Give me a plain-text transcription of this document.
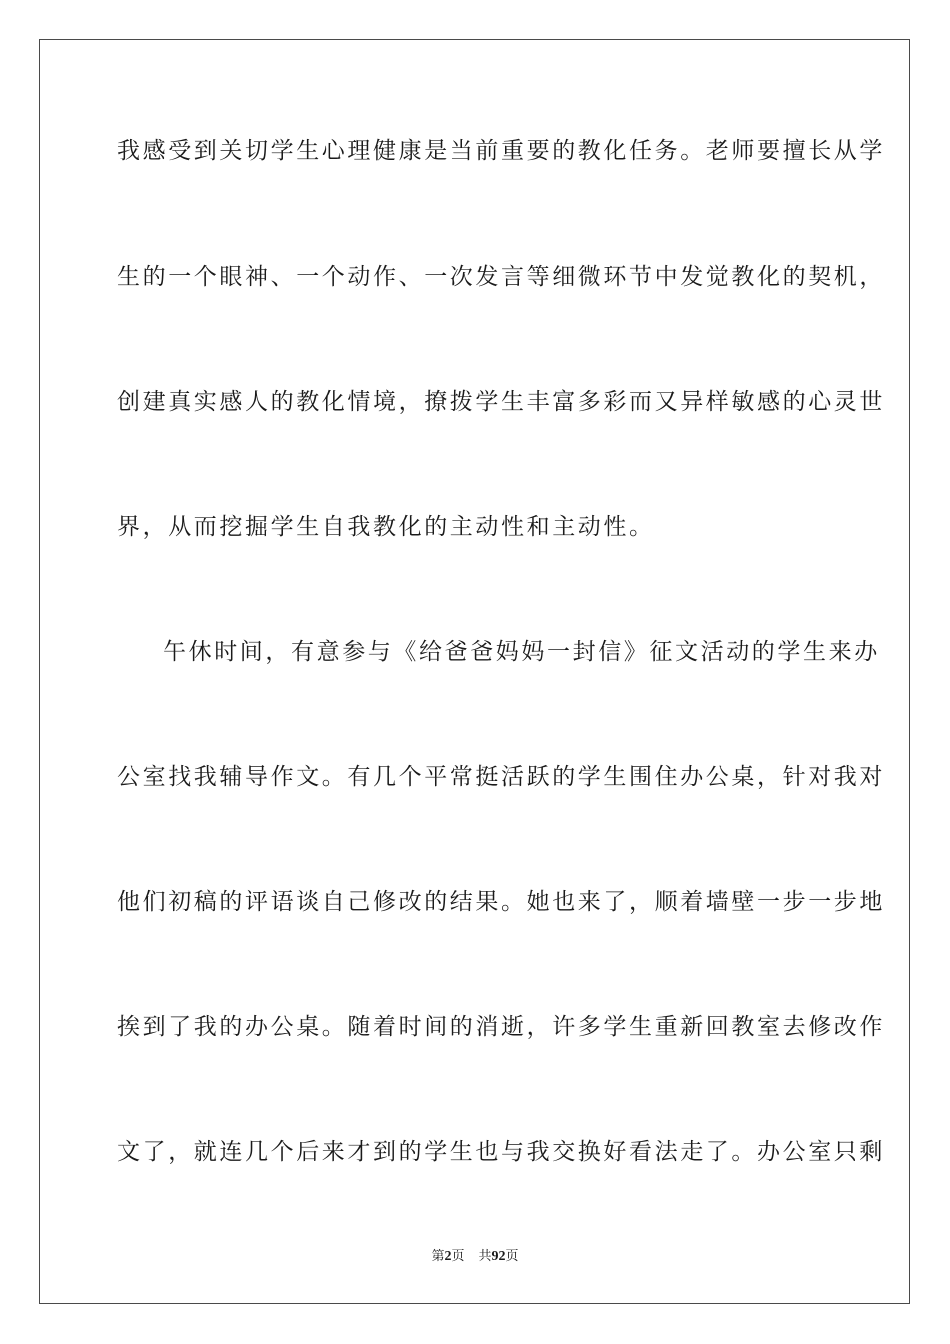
我感受到关切学生心理健康是当前重要的教化任务。老师要擅长从学
生的一个眼神、一个动作、一次发言等细微环节中发觉教化的契机，
创建真实感人的教化情境，撩拨学生丰富多彩而又异样敏感的心灵世
界，从而挖掘学生自我教化的主动性和主动性。
午休时间，有意参与《给爸爸妈妈一封信》征文活动的学生来办
公室找我辅导作文。有几个平常挺活跃的学生围住办公桌，针对我对
他们初稿的评语谈自己修改的结果。她也来了，顺着墙壁一步一步地
挨到了我的办公桌。随着时间的消逝，许多学生重新回教室去修改作
文了，就连几个后来才到的学生也与我交换好看法走了。办公室只剩
第2页 共92页
